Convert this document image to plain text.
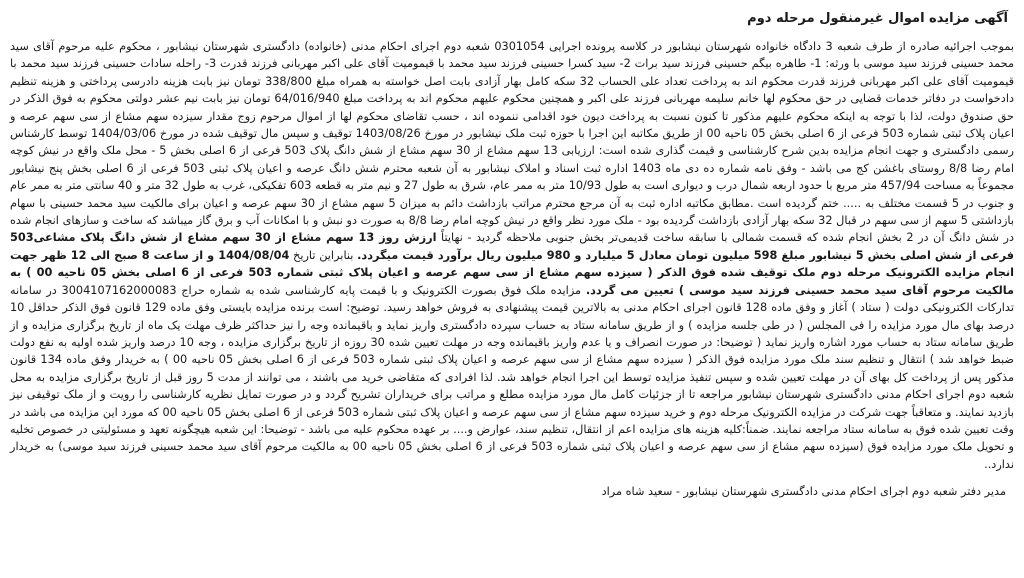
آگهی مزایده اموال غیرمنقول مرحله دوم

بموجب اجرائیه صادره از طرف شعبه 3 دادگاه خانواده شهرستان نیشابور در کلاسه پرونده اجرایی 0301054 شعبه دوم اجرای احکام مدنی (خانواده) دادگستری شهرستان نیشابور ، محکوم علیه مرحوم آقای سید محمد حسینی فرزند سید موسی با ورثه: 1- طاهره بیگم حسینی فرزند سید برات 2- سید کسرا حسینی فرزند سید محمد با قیمومیت آقای علی اکبر مهربانی فرزند قدرت 3- راحله سادات حسینی فرزند سید محمد با قیمومیت آقای علی اکبر مهربانی فرزند قدرت محکوم اند به پرداخت تعداد علی الحساب 32 سکه کامل بهار آزادی بابت اصل خواسته به همراه مبلغ 338/800 تومان نیز بابت هزینه دادرسی پرداختی و هزینه تنظیم دادخواست در دفاتر خدمات قضایی در حق محکوم لها خانم سلیمه مهربانی فرزند علی اکبر و همچنین محکوم علیهم محکوم اند به پرداخت مبلغ 64/016/940 تومان نیز بابت نیم عشر دولتی محکوم به فوق الذکر در حق صندوق دولت، لذا با توجه به اینکه محکوم علیهم مذکور تا کنون نسبت به پرداخت دیون خود اقدامی ننموده اند ، حسب تقاضای محکوم لها از اموال مرحوم زوج مقدار سیزده سهم مشاع از سی سهم عرصه و اعیان پلاک ثبتی شماره 503 فرعی از 6 اصلی بخش 05 ناحیه 00 از طریق مکاتبه این اجرا با حوزه ثبت ملک نیشابور در مورخ 1403/08/26 توقیف و سپس مال توقیف شده در مورخ 1404/03/06 توسط کارشناس رسمی دادگستری و جهت انجام مزایده بدین شرح کارشناسی و قیمت گذاری شده است: ارزیابی 13 سهم مشاع از 30 سهم مشاع از شش دانگ پلاک 503 فرعی از 6 اصلی بخش 5 - محل ملک واقع در نیش کوچه امام رضا 8/8 روستای باغشن کج می باشد - وفق نامه شماره ده دی ماه 1403 اداره ثبت اسناد و املاک نیشابور به آن شعبه محترم شش دانگ عرصه و اعیان پلاک ثبتی 503 فرعی از 6 اصلی بخش پنج نیشابور مجموعاً به مساحت 457/94 متر مربع با حدود اربعه شمال درب و دیواری است به طول 10/93 متر به ممر عام، شرق به طول 27 و نیم متر به قطعه 603 تفکیکی، غرب به طول 32 متر و 40 سانتی متر به ممر عام و جنوب در 5 قسمت مختلف به ..... ختم گردیده است .مطابق مکاتبه اداره ثبت به آن مرجع محترم مراتب بازداشت دائم به میزان 5 سهم مشاع از 30 سهم عرصه و اعیان برای مالکیت سید محمد حسینی با سهام بازداشتی 5 سهم از سی سهم در قبال 32 سکه بهار آزادی بازداشت گردیده بود - ملک مورد نظر واقع در نیش کوچه امام رضا 8/8 به صورت دو نبش و با امکانات آب و برق گاز میباشد که ساخت و سازهای انجام شده در شش دانگ آن در 2 بخش انجام شده که قسمت شمالی با سابقه ساخت قدیمی‌تر بخش جنوبی ملاحظه گردید - نهایتاً ارزش روز 13 سهم مشاع از 30 سهم مشاع از شش دانگ پلاک مشاعی503 فرعی از شش اصلی بخش 5 نیشابور مبلغ 598 میلیون تومان معادل 5 میلیارد و 980 میلیون ریال برآورد قیمت میگردد. بنابراین تاریخ 1404/08/04 و از ساعت 8 صبح الی 12 ظهر جهت انجام مزایده الکترونیک مرحله دوم ملک توقیف شده فوق الذکر ( سیزده سهم مشاع از سی سهم عرصه و اعیان پلاک ثبتی شماره 503 فرعی از 6 اصلی بخش 05 ناحیه 00 ) به مالکیت مرحوم آقای سید محمد حسینی فرزند سید موسی ) تعیین می گردد. مزایده ملک فوق بصورت الکترونیک و با قیمت پایه کارشناسی شده به شماره حراج 3004107162000083 در سامانه تدارکات الکترونیکی دولت ( ستاد ) آغاز و وفق ماده 128 قانون اجرای احکام مدنی به بالاترین قیمت پیشنهادی به فروش خواهد رسید. توضیح: است برنده مزایده بایستی وفق ماده 129 قانون فوق الذکر حداقل 10 درصد بهای مال مورد مزایده را فی المجلس ( در طی جلسه مزایده ) و از طریق سامانه ستاد به حساب سپرده دادگستری واریز نماید و باقیمانده وجه را نیز حداکثر ظرف مهلت یک ماه از تاریخ برگزاری مزایده و از طریق سامانه ستاد به حساب مورد اشاره واریز نماید ( توضیحا: در صورت انصراف و یا عدم واریز باقیمانده وجه در مهلت تعیین شده 30 روزه از تاریخ برگزاری مزایده ، وجه 10 درصد واریز شده اولیه به نفع دولت ضبط خواهد شد ) انتقال و تنظیم سند ملک مورد مزایده فوق الذکر ( سیزده سهم مشاع از سی سهم عرصه و اعیان پلاک ثبتی شماره 503 فرعی از 6 اصلی بخش 05 ناحیه 00 ) به خریدار وفق ماده 134 قانون مذکور پس از پرداخت کل بهای آن در مهلت تعیین شده و سپس تنفیذ مزایده توسط این اجرا انجام خواهد شد. لذا افرادی که متقاضی خرید می باشند ، می توانند از مدت 5 روز قبل از تاریخ برگزاری مزایده به محل شعبه دوم اجرای احکام مدنی دادگستری شهرستان نیشابور مراجعه تا از جزئیات کامل مال مورد مزایده مطلع و مراتب برای خریداران تشریح گردد و در صورت تمایل نظریه کارشناسی را رویت و از ملک توقیفی نیز بازدید نمایند. و متعاقباً جهت شرکت در مزایده الکترونیک مرحله دوم و خرید سیزده سهم مشاع از سی سهم عرصه و اعیان پلاک ثبتی شماره 503 فرعی از 6 اصلی بخش 05 ناحیه 00 که مورد این مزایده می باشد در وقت تعیین شده فوق به سامانه ستاد مراجعه نمایند. ضمناً:کلیه هزینه های مزایده اعم از انتقال، تنظیم سند، عوارض و.... بر عهده محکوم علیه می باشد - توضیحا: این شعبه هیچگونه تعهد و مسئولیتی در خصوص تخلیه و تحویل ملک مورد مزایده فوق (سیزده سهم مشاع از سی سهم عرصه و اعیان پلاک ثبتی شماره 503 فرعی از 6 اصلی بخش 05 ناحیه 00 به مالکیت مرحوم آقای سید محمد حسینی فرزند سید موسی) به خریدار ندارد..

مدیر دفتر شعبه دوم اجرای احکام مدنی دادگستری شهرستان نیشابور - سعید شاه مراد
